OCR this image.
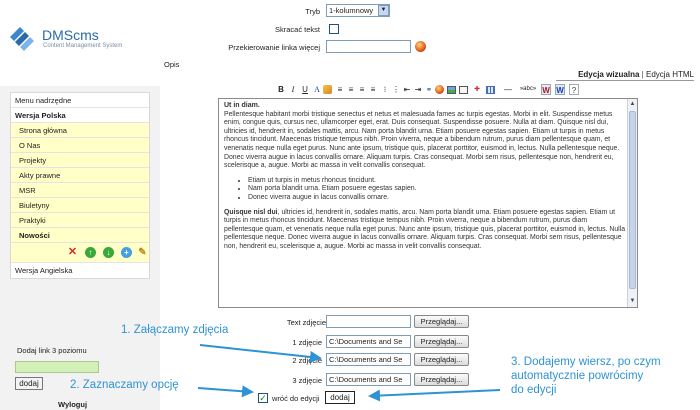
DMScms
Content Management System
Menu nadrzędne
Wersja Polska
Strona główna
O Nas
Projekty
Akty prawne
MSR
Biuletyny
Praktyki
Nowości
✕	↑	↓	+ ✎
Wersja Angielska
Dodaj link 3 poziomu
dodaj
Wyloguj
Tryb	1-kolumnowy	▼
Skracać tekst
Przekierowanie linka więcej
Opis
Edycja wizualna | Edycja HTML
B I U A	≡ ≡ ≡ ≡	⁝ ⋮ ⇤ ⇥ ⚭	✚	—	»abc» W W ?
Ut in diam.

Pellentesque habitant morbi tristique senectus et netus et malesuada fames ac turpis egestas. Morbi in elit. Suspendisse metus enim, congue quis, cursus nec, ullamcorper eget, erat. Duis consequat. Suspendisse posuere. Nulla at diam. Quisque nisl dui, ultricies id, hendrerit in, sodales mattis, arcu. Nam porta blandit urna. Etiam posuere egestas sapien. Etiam ut turpis in metus rhoncus tincidunt. Maecenas tristique tempus nibh. Proin viverra, neque a bibendum rutrum, purus diam pellentesque quam, et venenatis neque nulla eget purus. Nunc ante ipsum, tristique quis, placerat porttitor, euismod in, lectus. Nulla pellentesque neque. Donec viverra augue in lacus convallis ornare. Aliquam turpis. Cras consequat. Morbi sem risus, pellentesque non, hendrerit eu, scelerisque a, augue. Morbi ac massa in velit convallis consequat.

• Etiam ut turpis in metus rhoncus tincidunt.
• Nam porta blandit urna. Etiam posuere egestas sapien.
• Donec viverra augue in lacus convallis ornare.

Quisque nisl dui, ultricies id, hendrerit in, sodales mattis, arcu. Nam porta blandit urna. Etiam posuere egestas sapien. Etiam ut turpis in metus rhoncus tincidunt. Maecenas tristique tempus nibh. Proin viverra, neque a bibendum rutrum, purus diam pellentesque quam, et venenatis neque nulla eget purus. Nunc ante ipsum, tristique quis, placerat porttitor, euismod in, lectus. Nulla pellentesque neque. Donec viverra augue in lacus convallis ornare. Aliquam turpis. Cras consequat. Morbi sem risus, pellentesque non, hendrerit eu, scelerisque a, augue. Morbi ac massa in velit convallis consequat.

▲
▼
Text zdjęcie	Przeglądaj...
1 zdjęcie C:\Documents and Se	Przeglądaj...
2 zdjęcie C:\Documents and Se	Przeglądaj...
3 zdjęcie C:\Documents and Se	Przeglądaj...
✓ wróć do edycji	dodaj
1. Załączamy zdjęcia
2. Zaznaczamy opcję
3. Dodajemy wiersz, po czym
automatycznie powrócimy
do edycji
